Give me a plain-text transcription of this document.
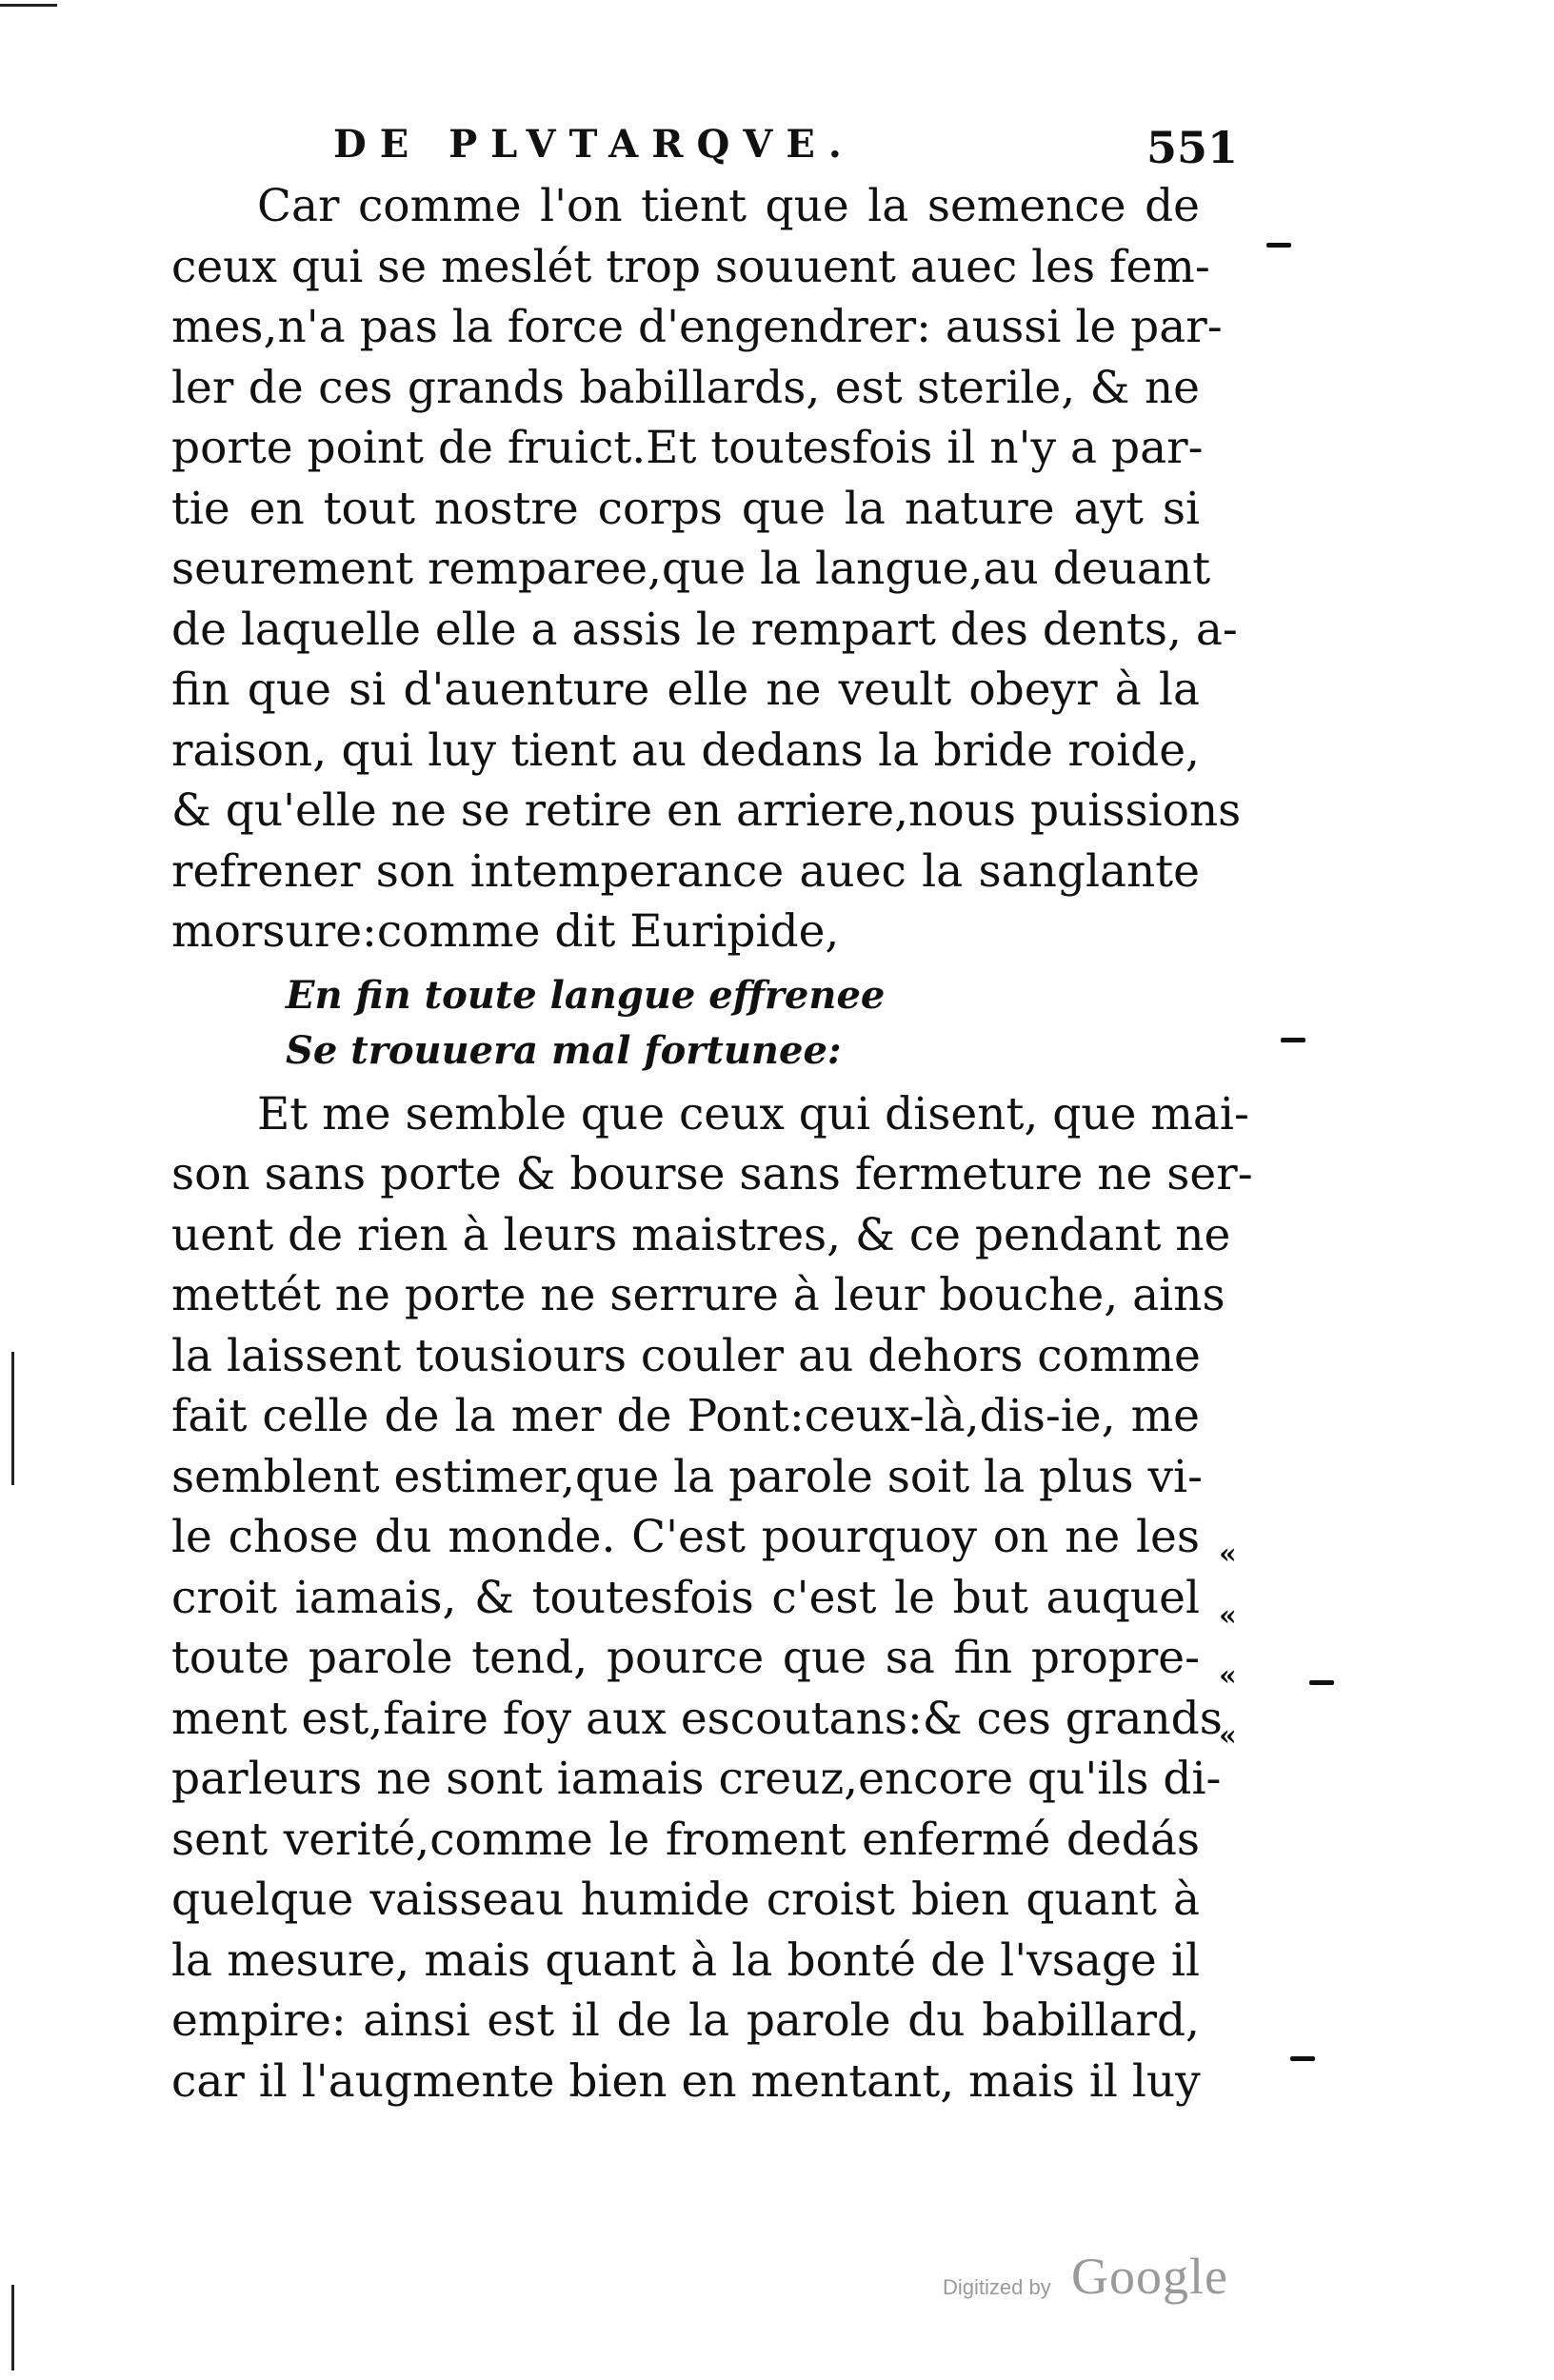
DE PLVTARQVE.	551
Car comme l'on tient que la semence de
ceux qui se meslét trop souuent auec les fem-
mes,n'a pas la force d'engendrer: aussi le par-
ler de ces grands babillards, est sterile, & ne
porte point de fruict.Et toutesfois il n'y a par-
tie en tout nostre corps que la nature ayt si
seurement remparee,que la langue,au deuant
de laquelle elle a assis le rempart des dents, a-
fin que si d'auenture elle ne veult obeyr à la
raison, qui luy tient au dedans la bride roide,
& qu'elle ne se retire en arriere,nous puissions
refrener son intemperance auec la sanglante
morsure:comme dit Euripide,
En fin toute langue effrenee
Se trouuera mal fortunee:
Et me semble que ceux qui disent, que mai-
son sans porte & bourse sans fermeture ne ser-
uent de rien à leurs maistres, & ce pendant ne
mettét ne porte ne serrure à leur bouche, ains
la laissent tousiours couler au dehors comme
fait celle de la mer de Pont:ceux-là,dis-ie, me
semblent estimer,que la parole soit la plus vi-
le chose du monde. C'est pourquoy on ne les
croit iamais, & toutesfois c'est le but auquel
toute parole tend, pource que sa fin propre-
ment est,faire foy aux escoutans:& ces grands
parleurs ne sont iamais creuz,encore qu'ils di-
sent verité,comme le froment enfermé dedás
quelque vaisseau humide croist bien quant à
la mesure, mais quant à la bonté de l'vsage il
empire: ainsi est il de la parole du babillard,
car il l'augmente bien en mentant, mais il luy
«
«
«
«
Digitized by Google
